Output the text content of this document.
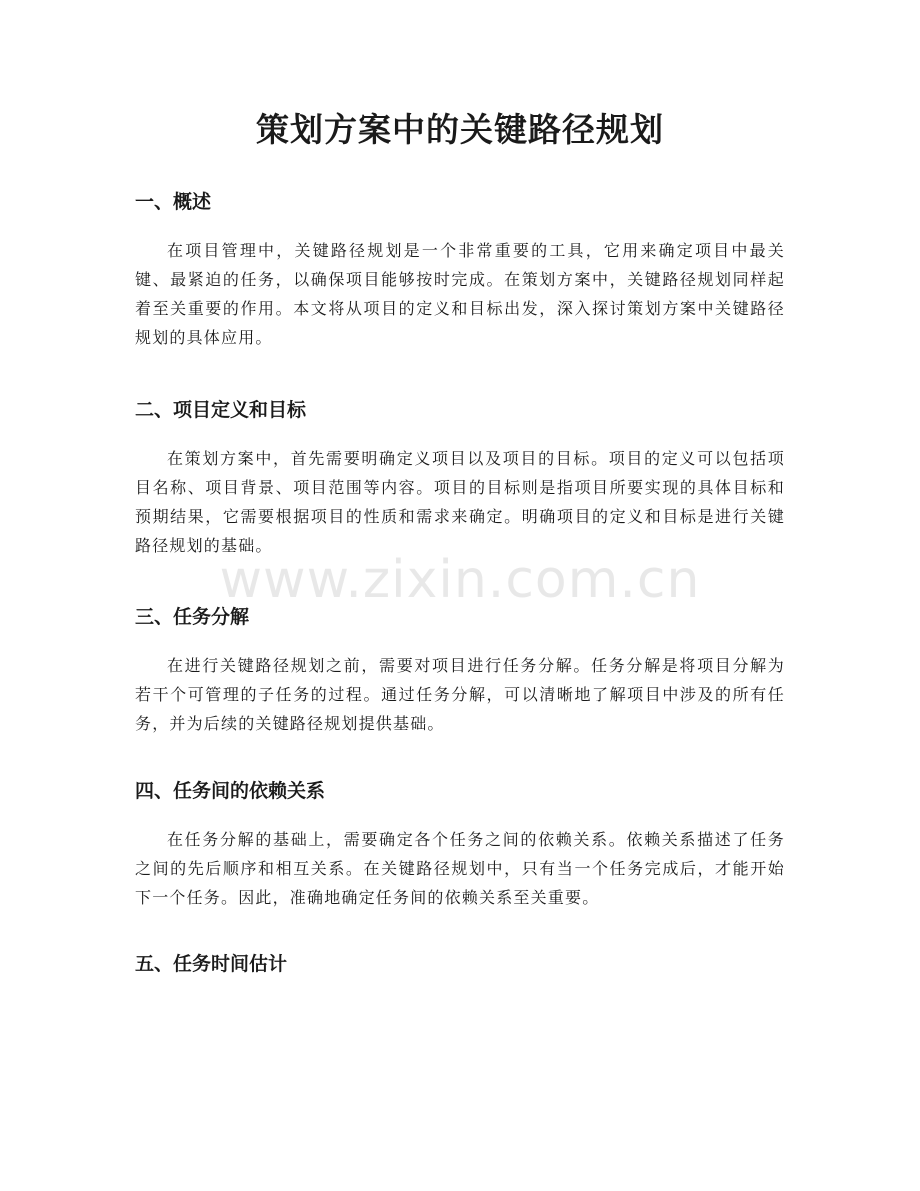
策划方案中的关键路径规划
一、概述

在项目管理中，关键路径规划是一个非常重要的工具，它用来确定项目中最关键、最紧迫的任务，以确保项目能够按时完成。在策划方案中，关键路径规划同样起着至关重要的作用。本文将从项目的定义和目标出发，深入探讨策划方案中关键路径规划的具体应用。

二、项目定义和目标

在策划方案中，首先需要明确定义项目以及项目的目标。项目的定义可以包括项目名称、项目背景、项目范围等内容。项目的目标则是指项目所要实现的具体目标和预期结果，它需要根据项目的性质和需求来确定。明确项目的定义和目标是进行关键路径规划的基础。

三、任务分解

在进行关键路径规划之前，需要对项目进行任务分解。任务分解是将项目分解为若干个可管理的子任务的过程。通过任务分解，可以清晰地了解项目中涉及的所有任务，并为后续的关键路径规划提供基础。

四、任务间的依赖关系

在任务分解的基础上，需要确定各个任务之间的依赖关系。依赖关系描述了任务之间的先后顺序和相互关系。在关键路径规划中，只有当一个任务完成后，才能开始下一个任务。因此，准确地确定任务间的依赖关系至关重要。

五、任务时间估计
www.zixin.com.cn
